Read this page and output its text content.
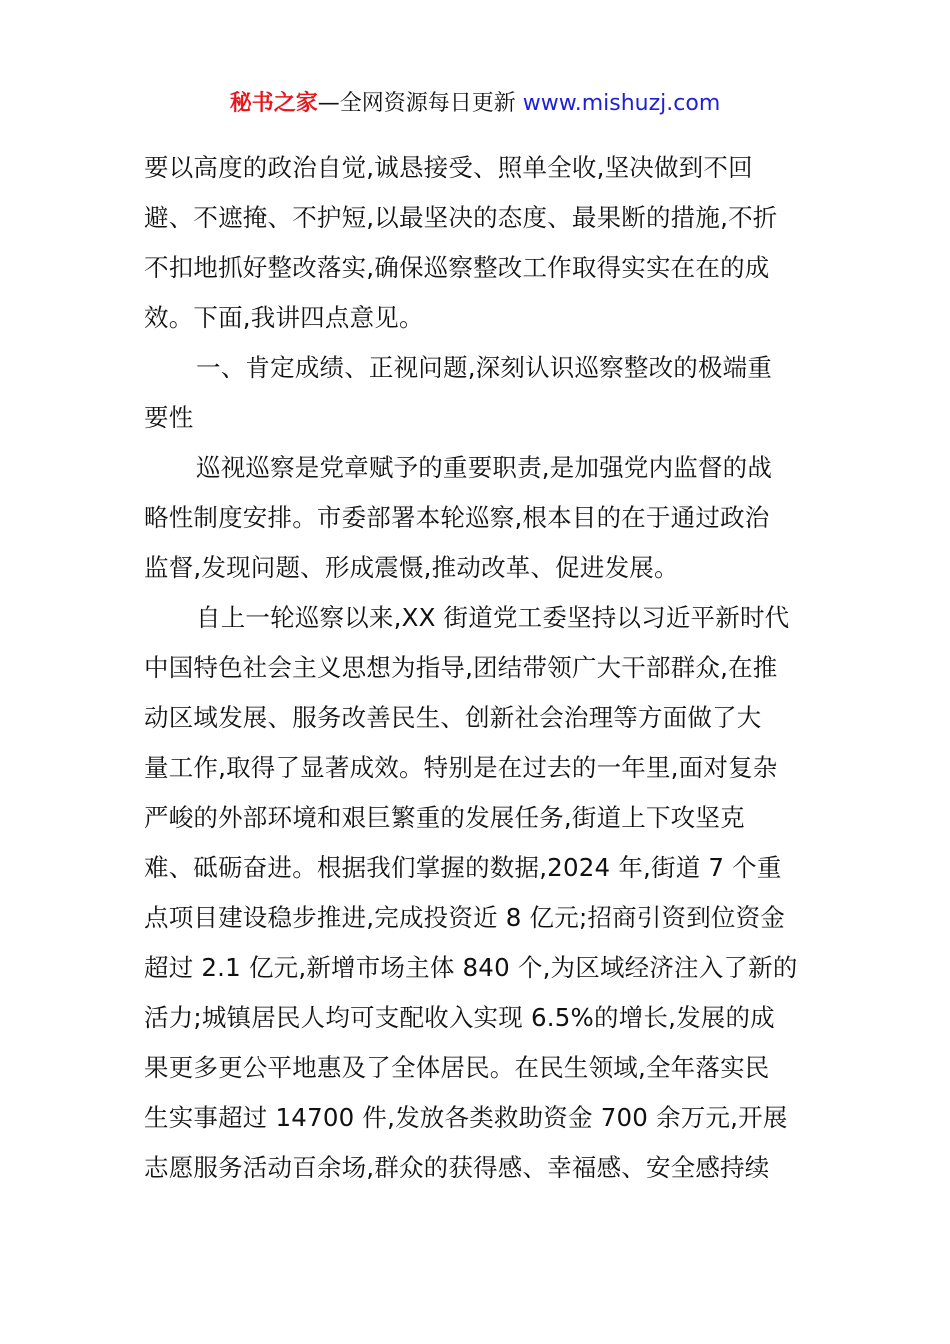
秘书之家—全网资源每日更新 www.mishuzj.com
要以高度的政治自觉,诚恳接受、照单全收,坚决做到不回
避、不遮掩、不护短,以最坚决的态度、最果断的措施,不折
不扣地抓好整改落实,确保巡察整改工作取得实实在在的成
效。下面,我讲四点意见。
一、肯定成绩、正视问题,深刻认识巡察整改的极端重
要性
巡视巡察是党章赋予的重要职责,是加强党内监督的战
略性制度安排。市委部署本轮巡察,根本目的在于通过政治
监督,发现问题、形成震慑,推动改革、促进发展。
自上一轮巡察以来,XX 街道党工委坚持以习近平新时代
中国特色社会主义思想为指导,团结带领广大干部群众,在推
动区域发展、服务改善民生、创新社会治理等方面做了大
量工作,取得了显著成效。特别是在过去的一年里,面对复杂
严峻的外部环境和艰巨繁重的发展任务,街道上下攻坚克
难、砥砺奋进。根据我们掌握的数据,2024 年,街道 7 个重
点项目建设稳步推进,完成投资近 8 亿元;招商引资到位资金
超过 2.1 亿元,新增市场主体 840 个,为区域经济注入了新的
活力;城镇居民人均可支配收入实现 6.5%的增长,发展的成
果更多更公平地惠及了全体居民。在民生领域,全年落实民
生实事超过 14700 件,发放各类救助资金 700 余万元,开展
志愿服务活动百余场,群众的获得感、幸福感、安全感持续
